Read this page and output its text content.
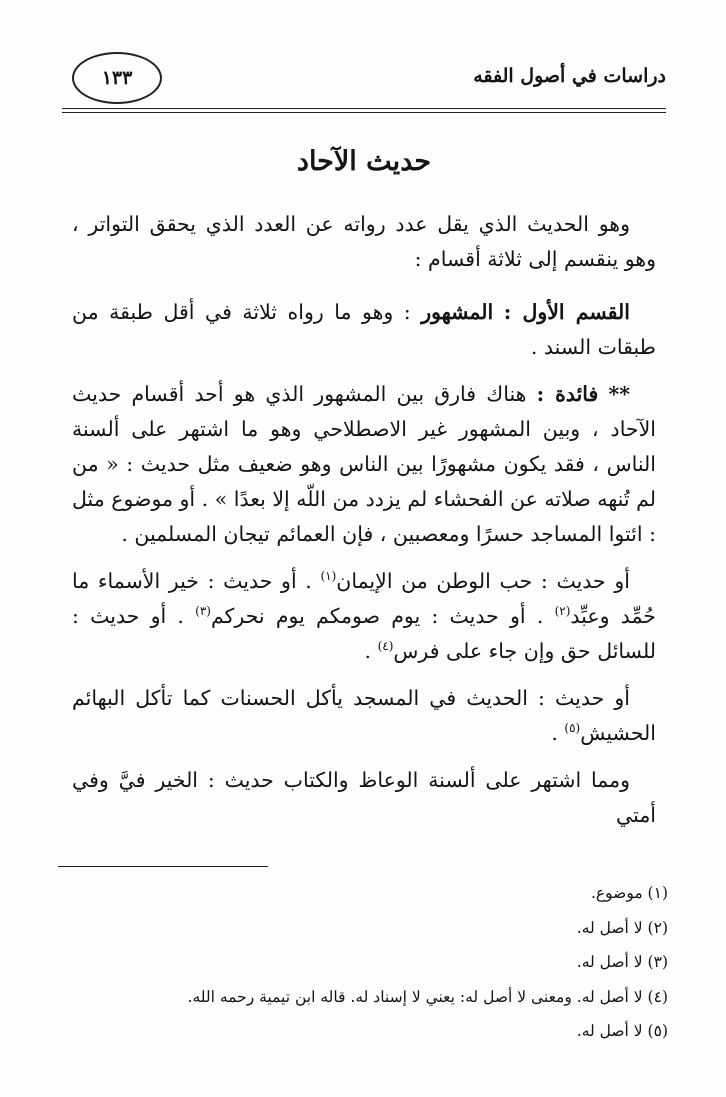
دراسات في أصول الفقه
١٣٣
حديث الآحاد

وهو الحديث الذي يقل عدد رواته عن العدد الذي يحقق التواتر ، وهو ينقسم إلى ثلاثة أقسام :

القسم الأول : المشهور : وهو ما رواه ثلاثة في أقل طبقة من طبقات السند .

** فائدة : هناك فارق بين المشهور الذي هو أحد أقسام حديث الآحاد ، وبين المشهور غير الاصطلاحي وهو ما اشتهر على ألسنة الناس ، فقد يكون مشهورًا بين الناس وهو ضعيف مثل حديث : « من لم تُنهه صلاته عن الفحشاء لم يزدد من اللّه إلا بعدًا » . أو موضوع مثل : ائتوا المساجد حسرًا ومعصبين ، فإن العمائم تيجان المسلمين .

أو حديث : حب الوطن من الإيمان$^{(١)}$ . أو حديث : خير الأسماء ما حُمِّد وعبِّد$^{(٢)}$ . أو حديث : يوم صومكم يوم نحركم$^{(٣)}$ . أو حديث : للسائل حق وإن جاء على فرس$^{(٤)}$ .

أو حديث : الحديث في المسجد يأكل الحسنات كما تأكل البهائم الحشيش$^{(٥)}$ .

ومما اشتهر على ألسنة الوعاظ والكتاب حديث : الخير فيَّ وفي أمتي

(١) موضوع.
(٢) لا أصل له.
(٣) لا أصل له.
(٤) لا أصل له. ومعنى لا أصل له: يعني لا إسناد له. قاله ابن تيمية رحمه الله.
(٥) لا أصل له.
